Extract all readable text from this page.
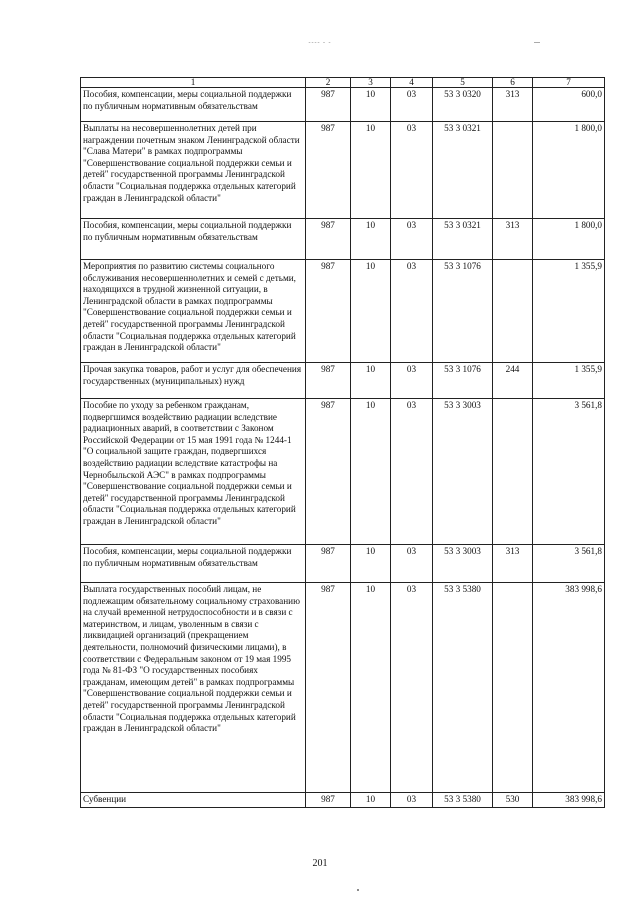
---- - -
1	2	3	4	5	6	7
Пособия, компенсации, меры социальной поддержки по публичным нормативным обязательствам	987	10	03	53 3 0320	313	600,0
Выплаты на несовершеннолетних детей при награждении почетным знаком Ленинградской области "Слава Матери" в рамках подпрограммы "Совершенствование социальной поддержки семьи и детей" государственной программы Ленинградской области "Социальная поддержка отдельных категорий граждан в Ленинградской области"	987	10	03	53 3 0321		1 800,0
Пособия, компенсации, меры социальной поддержки по публичным нормативным обязательствам	987	10	03	53 3 0321	313	1 800,0
Мероприятия по развитию системы социального обслуживания несовершеннолетних и семей с детьми, находящихся в трудной жизненной ситуации, в Ленинградской области в рамках подпрограммы "Совершенствование социальной поддержки семьи и детей" государственной программы Ленинградской области "Социальная поддержка отдельных категорий граждан в Ленинградской области"	987	10	03	53 3 1076		1 355,9
Прочая закупка товаров, работ и услуг для обеспечения государственных (муниципальных) нужд	987	10	03	53 3 1076	244	1 355,9
Пособие по уходу за ребенком гражданам, подвергшимся воздействию радиации вследствие радиационных аварий, в соответствии с Законом Российской Федерации от 15 мая 1991 года № 1244-1 "О социальной защите граждан, подвергшихся воздействию радиации вследствие катастрофы на Чернобыльской АЭС" в рамках подпрограммы "Совершенствование социальной поддержки семьи и детей" государственной программы Ленинградской области "Социальная поддержка отдельных категорий граждан в Ленинградской области"	987	10	03	53 3 3003		3 561,8
Пособия, компенсации, меры социальной поддержки по публичным нормативным обязательствам	987	10	03	53 3 3003	313	3 561,8
Выплата государственных пособий лицам, не подлежащим обязательному социальному страхованию на случай временной нетрудоспособности и в связи с материнством, и лицам, уволенным в связи с ликвидацией организаций (прекращением деятельности, полномочий физическими лицами), в соответствии с Федеральным законом от 19 мая 1995 года № 81-ФЗ "О государственных пособиях гражданам, имеющим детей" в рамках подпрограммы "Совершенствование социальной поддержки семьи и детей" государственной программы Ленинградской области "Социальная поддержка отдельных категорий граждан в Ленинградской области"	987	10	03	53 3 5380		383 998,6
Субвенции	987	10	03	53 3 5380	530	383 998,6
201
